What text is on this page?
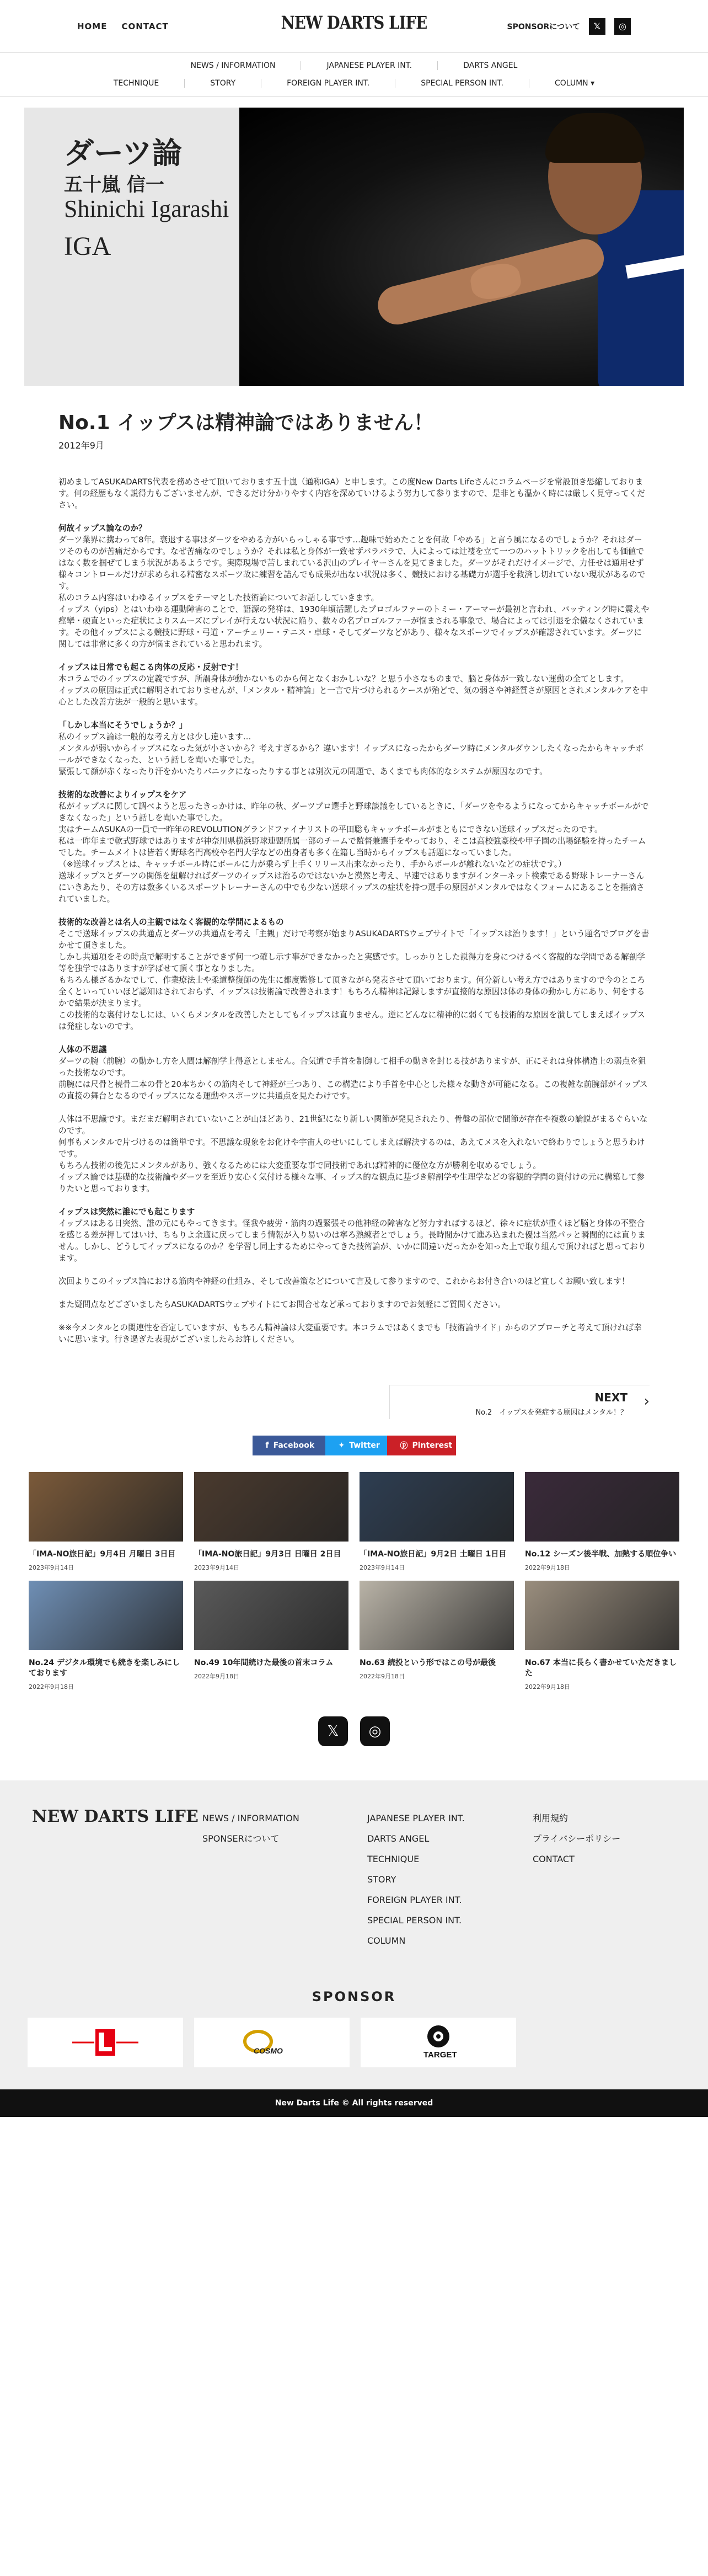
HOME CONTACT	NEW DARTS LIFE	SPONSORについて	𝕏	◎
NEWS / INFORMATION	JAPANESE PLAYER INT.	DARTS ANGEL
TECHNIQUE	STORY	FOREIGN PLAYER INT.	SPECIAL PERSON INT.	COLUMN ▾
ダーツ論
五十嵐 信一
Shinichi Igarashi
IGA
No.1 イップスは精神論ではありません！
2012年9月

初めましてASUKADARTS代表を務めさせて頂いております五十嵐（通称IGA）と申します。この度New Darts Lifeさんにコラムページを常設頂き恐縮しております。何の経歴もなく説得力もございませんが、できるだけ分かりやすく内容を深めていけるよう努力して参りますので、是非とも温かく時には厳しく見守ってください。

何故イップス論なのか？

ダーツ業界に携わって8年。衰退する事はダーツをやめる方がいらっしゃる事です…趣味で始めたことを何故「やめる」と言う風になるのでしょうか？それはダーツそのものが苦痛だからです。なぜ苦痛なのでしょうか？それは私と身体が一致せずバラバラで、人によっては辻褄を立て一つのハットトリックを出しても価値ではなく数を掴ぜてしまう状況があるようです。実際現場で苦しまれている沢山のプレイヤーさんを見てきました。ダーツがそれだけイメージで、力任せは通用せず様々コントロールだけが求められる精密なスポーツ故に練習を詰んでも成果が出ない状況は多く、競技における基礎力が選手を救済し切れていない現状があるのです。

私のコラム内容はいわゆるイップスをテーマとした技術論についてお話ししていきます。

イップス（yips）とはいわゆる運動障害のことで、語源の発祥は、1930年頃活躍したプロゴルファーのトミー・アーマーが最初と言われ、パッティング時に震えや痙攣・硬直といった症状によりスムーズにプレイが行えない状況に陥り、数々の名プロゴルファーが悩まされる事象で、場合によっては引退を余儀なくされています。その他イップスによる競技に野球・弓道・アーチェリー・テニス・卓球・そしてダーツなどがあり、様々なスポーツでイップスが確認されています。ダーツに関しては非常に多くの方が悩まされていると思われます。

イップスは日常でも起こる肉体の反応・反射です！

本コラムでのイップスの定義ですが、所謂身体が動かないものから何となくおかしいな？と思う小さなものまで、脳と身体が一致しない運動の全てとします。

イップスの原因は正式に解明されておりませんが、「メンタル・精神論」と一言で片づけられるケースが殆どで、気の弱さや神経質さが原因とされメンタルケアを中心とした改善方法が一般的と思います。

「しかし本当にそうでしょうか？」

私のイップス論は一般的な考え方とは少し違います…

メンタルが弱いからイップスになった気が小さいから？考えすぎるから？違います！イップスになったからダーツ時にメンタルダウンしたくなったからキャッチボールができなくなった、という話しを聞いた事でした。

緊張して顔が赤くなったり汗をかいたりパニックになったりする事とは別次元の問題で、あくまでも肉体的なシステムが原因なのです。

技術的な改善によりイップスをケア

私がイップスに関して調べようと思ったきっかけは、昨年の秋、ダーツプロ選手と野球談議をしているときに、「ダーツをやるようになってからキャッチボールができなくなった」という話しを聞いた事でした。

実はチームASUKAの一員で一昨年のREVOLUTIONグランドファイナリストの平田聡もキャッチボールがまともにできない送球イップスだったのです。

私は一昨年まで軟式野球ではありますが神奈川県横浜野球連盟所属一部のチームで監督兼選手をやっており、そこは高校強豪校や甲子園の出場経験を持ったチームでした。チームメイトは皆若く野球名門高校や名門大学などの出身者も多く在籍し当時からイップスも話題になっていました。

（※送球イップスとは、キャッチボール時にボールに力が乗らず上手くリリース出来なかったり、手からボールが離れないなどの症状です。）

送球イップスとダーツの関係を紐解ければダーツのイップスは治るのではないかと漠然と考え、早速ではありますがインターネット検索である野球トレーナーさんにいきあたり、その方は数多くいるスポーツトレーナーさんの中でも少ない送球イップスの症状を持つ選手の原因がメンタルではなくフォームにあることを指摘されていました。

技術的な改善とは名人の主観ではなく客観的な学問によるもの

そこで送球イップスの共通点とダーツの共通点を考え「主観」だけで考察が始まりASUKADARTSウェブサイトで「イップスは治ります！」という題名でブログを書かせて頂きました。

しかし共通項をその時点で解明することができず何一つ確し示す事ができなかったと実感です。しっかりとした説得力を身につけるべく客観的な学問である解剖学等を独学ではありますが学ばせて頂く事となりました。

もちろん様ざるかなでして、作業療法士や柔道整復師の先生に都度監修して頂きながら発表させて頂いております。何分新しい考え方ではありますので今のところ全くといっていいほど認知はされておらず、イップスは技術論で改善されます！もちろん精神は記録しますが直接的な原因は体の身体の動かし方にあり、何をするかで結果が決まります。

この技術的な裏付けなしには、いくらメンタルを改善したとしてもイップスは直りません。逆にどんなに精神的に弱くても技術的な原因を潰してしまえばイップスは発症しないのです。

人体の不思議

ダーツの腕（前腕）の動かし方を人間は解剖学上得意としません。合気道で手首を制御して相手の動きを封じる技がありますが、正にそれは身体構造上の弱点を狙った技術なのです。

前腕には尺骨と橈骨二本の骨と20本ちかくの筋肉そして神経が三つあり、この構造により手首を中心とした様々な動きが可能になる。この複雑な前腕部がイップスの直接の舞台となるのでイップスになる運動やスポーツに共通点を見たわけです。

人体は不思議です。まだまだ解明されていないことが山ほどあり、21世紀になり新しい関節が発見されたり、骨盤の部位で間節が存在や複数の論説がまるぐらいなのです。

何事もメンタルで片づけるのは簡単です。不思議な現象をお化けや宇宙人のせいにしてしまえば解決するのは、あえてメスを入れないで終わりでしょうと思うわけです。

もちろん技術の後先にメンタルがあり、強くなるためには大変重要な事で同技術であれば精神的に優位な方が勝利を収めるでしょう。

イップス論では基礎的な技術論やダーツを至近り安心く気付ける様々な事、イップス的な観点に基づき解剖学や生理学などの客観的学問の資付けの元に構築して参りたいと思っております。

イップスは突然に誰にでも起こります

イップスはある日突然、誰の元にもやってきます。怪我や疲労・筋肉の過緊張その他神経の障害など努力すればするほど、徐々に症状が重くほど脳と身体の不整合を感じる差が押してはいけ、ちもりよ余適に戻ってしまう情報が入り易いのは寧ろ熟練者とでしょう。長時間かけて進み込まれた優は当然パッと瞬間的には直りません。しかし、どうしてイップスになるのか？を学習し同上するためにやってきた技術論が、いかに間違いだったかを知った上で取り組んで頂ければと思っております。

次回よりこのイップス論における筋肉や神経の仕組み、そして改善策などについて言及して参りますので、これからお付き合いのほど宜しくお願い致します！

また疑問点などございましたらASUKADARTSウェブサイトにてお問合せなど承っておりますのでお気軽にご質問ください。

※※今メンタルとの関連性を否定していますが、もちろん精神論は大変重要です。本コラムではあくまでも「技術論サイド」からのアプローチと考えて頂ければ幸いに思います。行き過ぎた表現がございましたらお許しください。

NEXT
No.2　イップスを発症する原因はメンタル！？
›
f Facebook	✦ Twitter	ⓟ Pinterest
「IMA-NO旅日記」9月4日 月曜日 3日目
2023年9月14日
「IMA-NO旅日記」9月3日 日曜日 2日目
2023年9月14日
「IMA-NO旅日記」9月2日 土曜日 1日目
2023年9月14日
No.12 シーズン後半戦、加熱する順位争い
2022年9月18日
No.24 デジタル環境でも続きを楽しみにしております
2022年9月18日
No.49 10年間続けた最後の首末コラム
2022年9月18日
No.63 続投という形ではこの号が最後
2022年9月18日
No.67 本当に長らく書かせていただきました
2022年9月18日
𝕏	◎
NEW DARTS LIFE NEWS / INFORMATION
SPONSERについて
JAPANESE PLAYER INT.
DARTS ANGEL
TECHNIQUE
STORY
FOREIGN PLAYER INT.
SPECIAL PERSON INT.
COLUMN
利用規約
プライバシーポリシー
CONTACT
SPONSOR
COSMO	TARGET
New Darts Life © All rights reserved
